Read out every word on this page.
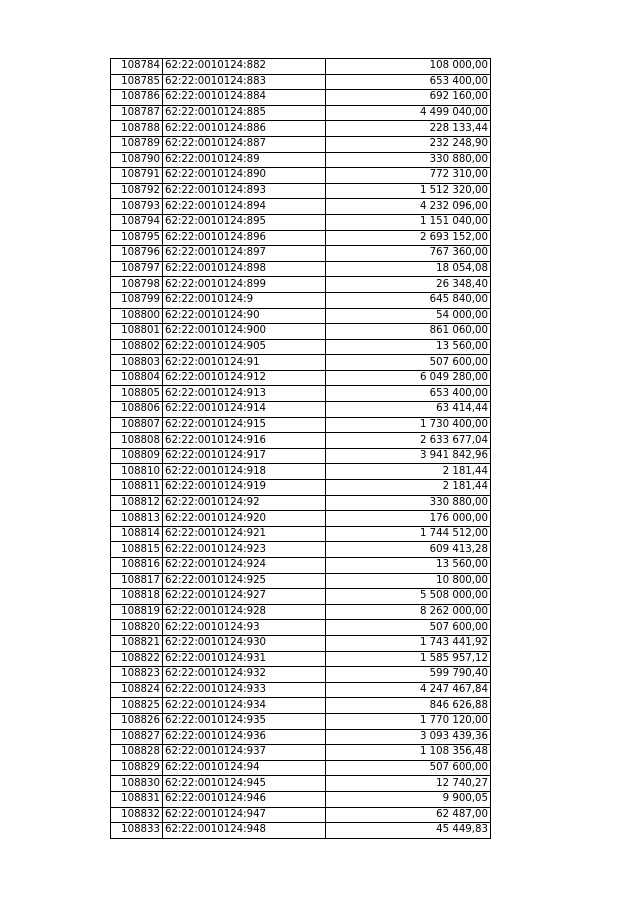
108784	62:22:0010124:882	108 000,00
108785	62:22:0010124:883	653 400,00
108786	62:22:0010124:884	692 160,00
108787	62:22:0010124:885	4 499 040,00
108788	62:22:0010124:886	228 133,44
108789	62:22:0010124:887	232 248,90
108790	62:22:0010124:89	330 880,00
108791	62:22:0010124:890	772 310,00
108792	62:22:0010124:893	1 512 320,00
108793	62:22:0010124:894	4 232 096,00
108794	62:22:0010124:895	1 151 040,00
108795	62:22:0010124:896	2 693 152,00
108796	62:22:0010124:897	767 360,00
108797	62:22:0010124:898	18 054,08
108798	62:22:0010124:899	26 348,40
108799	62:22:0010124:9	645 840,00
108800	62:22:0010124:90	54 000,00
108801	62:22:0010124:900	861 060,00
108802	62:22:0010124:905	13 560,00
108803	62:22:0010124:91	507 600,00
108804	62:22:0010124:912	6 049 280,00
108805	62:22:0010124:913	653 400,00
108806	62:22:0010124:914	63 414,44
108807	62:22:0010124:915	1 730 400,00
108808	62:22:0010124:916	2 633 677,04
108809	62:22:0010124:917	3 941 842,96
108810	62:22:0010124:918	2 181,44
108811	62:22:0010124:919	2 181,44
108812	62:22:0010124:92	330 880,00
108813	62:22:0010124:920	176 000,00
108814	62:22:0010124:921	1 744 512,00
108815	62:22:0010124:923	609 413,28
108816	62:22:0010124:924	13 560,00
108817	62:22:0010124:925	10 800,00
108818	62:22:0010124:927	5 508 000,00
108819	62:22:0010124:928	8 262 000,00
108820	62:22:0010124:93	507 600,00
108821	62:22:0010124:930	1 743 441,92
108822	62:22:0010124:931	1 585 957,12
108823	62:22:0010124:932	599 790,40
108824	62:22:0010124:933	4 247 467,84
108825	62:22:0010124:934	846 626,88
108826	62:22:0010124:935	1 770 120,00
108827	62:22:0010124:936	3 093 439,36
108828	62:22:0010124:937	1 108 356,48
108829	62:22:0010124:94	507 600,00
108830	62:22:0010124:945	12 740,27
108831	62:22:0010124:946	9 900,05
108832	62:22:0010124:947	62 487,00
108833	62:22:0010124:948	45 449,83
